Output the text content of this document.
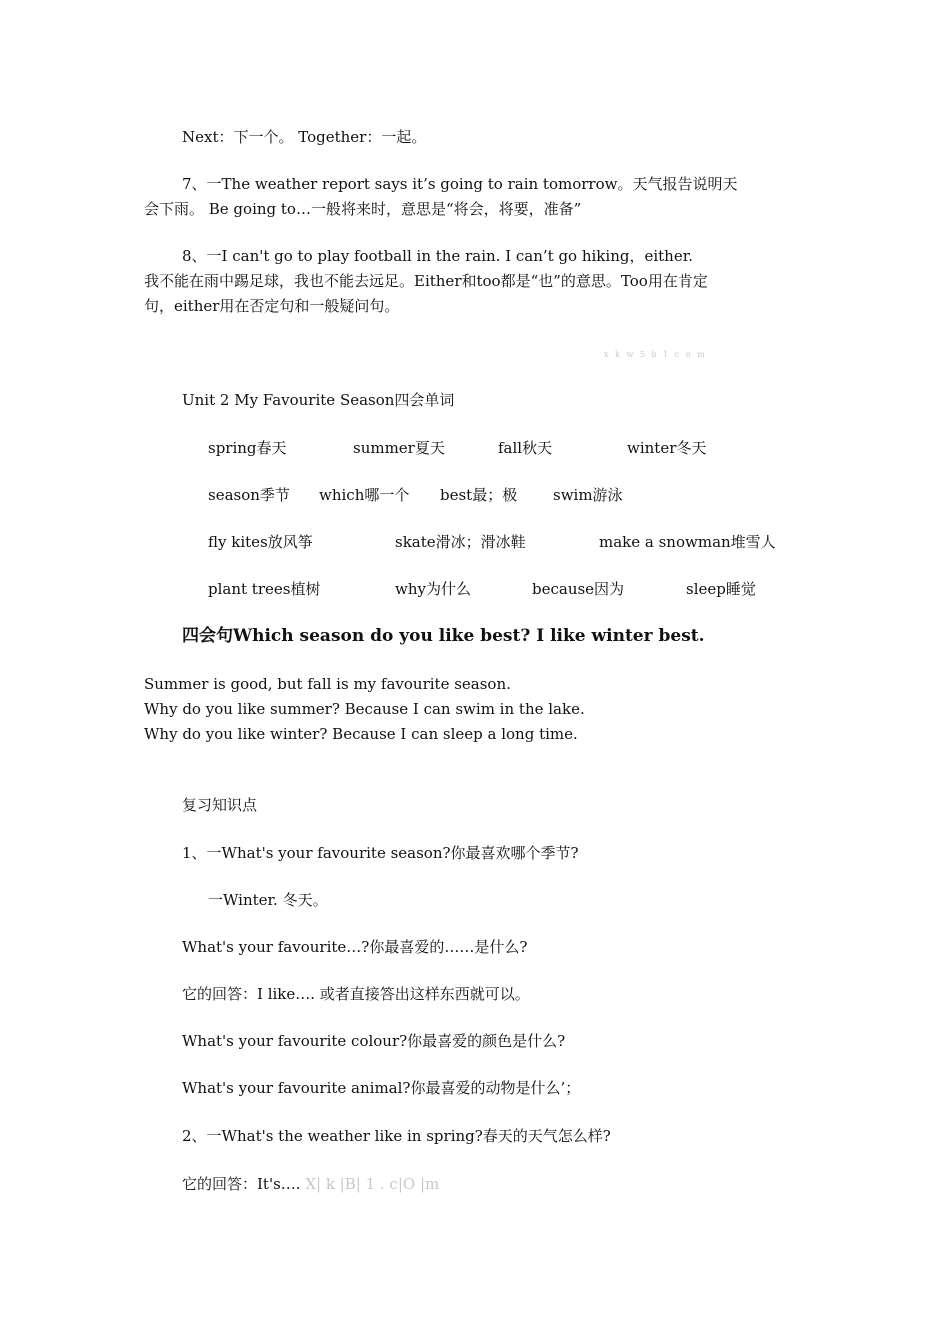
Next：下一个。 Together：一起。
7、一The weather report says it’s going to rain tomorrow。天气报告说明天
会下雨。 Be going to…一般将来时，意思是“将会，将要，准备”
8、一I can't go to play football in the rain. I can’t go hiking，either.
我不能在雨中踢足球，我也不能去远足。Either和too都是“也”的意思。Too用在肯定
句，either用在否定句和一般疑问句。
x k w 5 b 1 c o m
Unit 2 My Favourite Season四会单词
spring春天	summer夏天	fall秋天	winter冬天
season季节 which哪一个 best最；极 swim游泳
fly kites放风筝	skate滑冰；滑冰鞋	make a snowman堆雪人
plant trees植树	why为什么	because因为	sleep睡觉
四会句Which season do you like best? I like winter best.
Summer is good, but fall is my favourite season.
Why do you like summer? Because I can swim in the lake.
Why do you like winter? Because I can sleep a long time.
复习知识点
1、一What's your favourite season?你最喜欢哪个季节?
一Winter. 冬天。
What's your favourite…?你最喜爱的……是什么?
它的回答：I like…. 或者直接答出这样东西就可以。
What's your favourite colour?你最喜爱的颜色是什么?
What's your favourite animal?你最喜爱的动物是什么’；
2、一What's the weather like in spring?春天的天气怎么样?
它的回答：It's…. X| k |B| 1 . c|O |m
